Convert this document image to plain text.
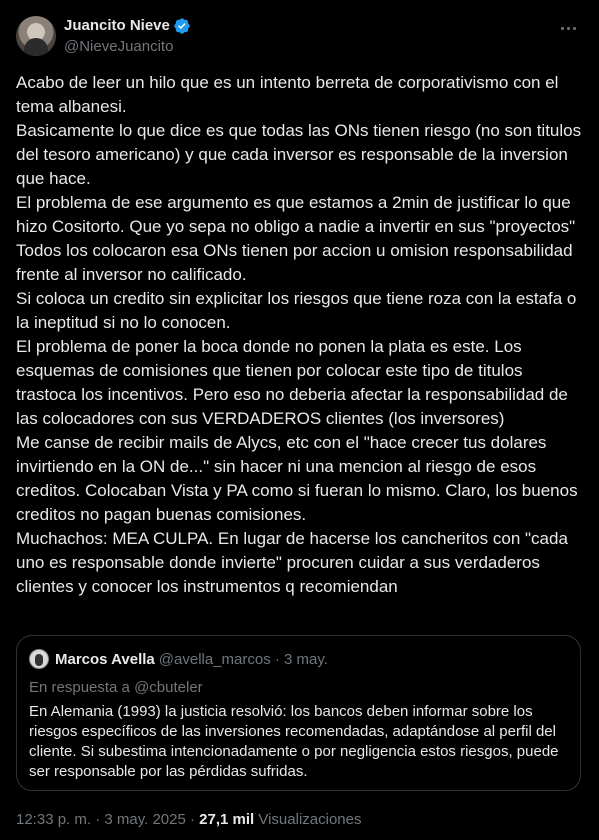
Juancito Nieve
@NieveJuancito

Acabo de leer un hilo que es un intento berreta de corporativismo con el tema albanesi.

Basicamente lo que dice es que todas las ONs tienen riesgo (no son titulos del tesoro americano) y que cada inversor es responsable de la inversion que hace.

El problema de ese argumento es que estamos a 2min de justificar lo que hizo Cositorto. Que yo sepa no obligo a nadie a invertir en sus "proyectos"

Todos los colocaron esa ONs tienen por accion u omision responsabilidad frente al inversor no calificado.

Si coloca un credito sin explicitar los riesgos que tiene roza con la estafa o la ineptitud si no lo conocen.

El problema de poner la boca donde no ponen la plata es este. Los esquemas de comisiones que tienen por colocar este tipo de titulos trastoca los incentivos. Pero eso no deberia afectar la responsabilidad de las colocadores con sus VERDADEROS clientes (los inversores)

Me canse de recibir mails de Alycs, etc con el "hace crecer tus dolares invirtiendo en la ON de..." sin hacer ni una mencion al riesgo de esos creditos. Colocaban Vista y PA como si fueran lo mismo. Claro, los buenos creditos no pagan buenas comisiones.

Muchachos: MEA CULPA. En lugar de hacerse los cancheritos con "cada uno es responsable donde invierte" procuren cuidar a sus verdaderos clientes y conocer los instrumentos q recomiendan

Marcos Avella @avella_marcos · 3 may.
En respuesta a @cbuteler
En Alemania (1993) la justicia resolvió: los bancos deben informar sobre los riesgos específicos de las inversiones recomendadas, adaptándose al perfil del cliente. Si subestima intencionadamente o por negligencia estos riesgos, puede ser responsable por las pérdidas sufridas.
12:33 p. m. · 3 may. 2025 · 27,1 mil Visualizaciones
